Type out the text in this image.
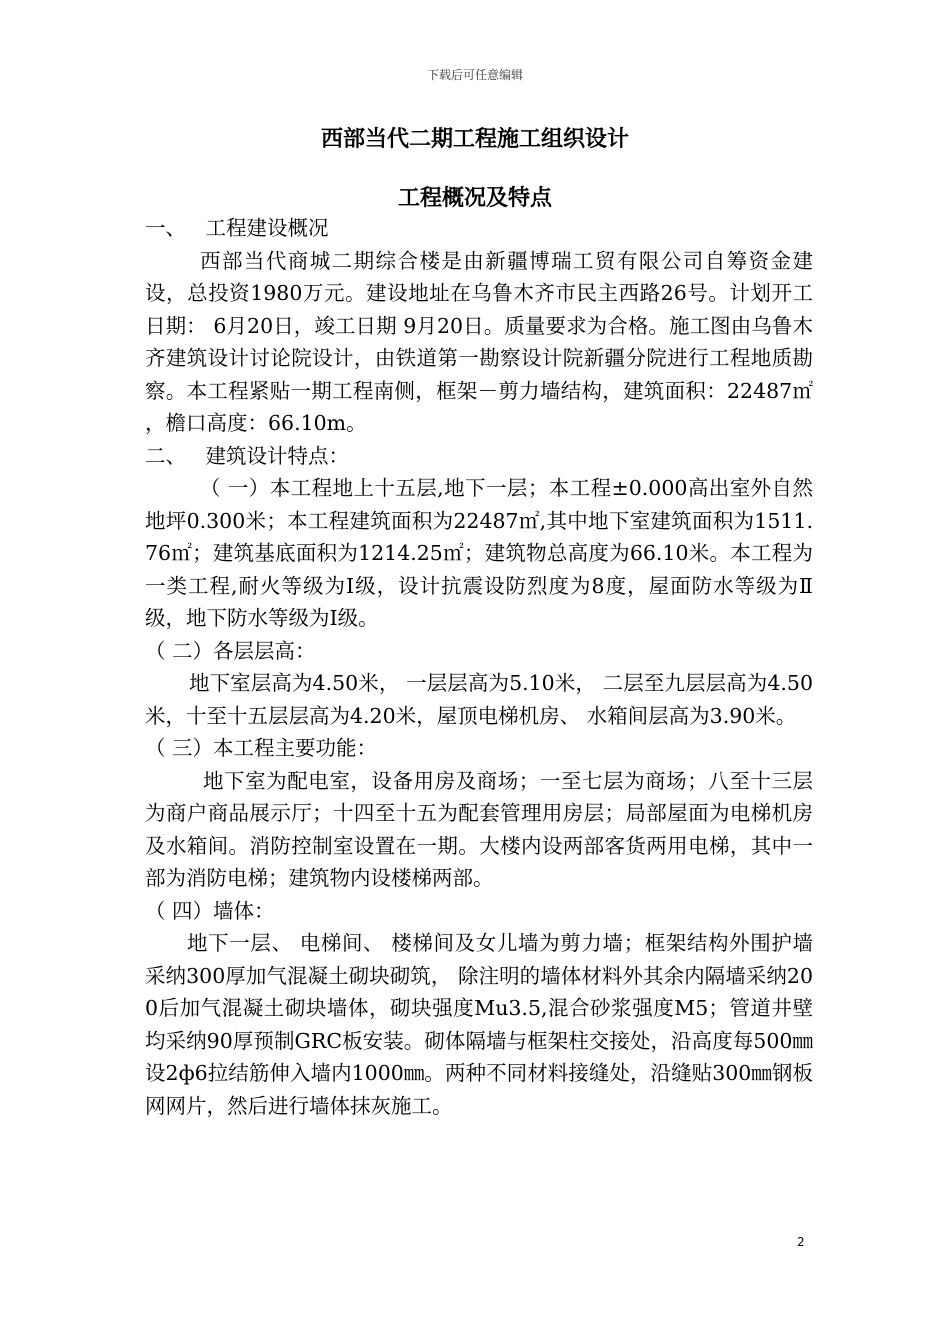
下载后可任意编辑
西部当代二期工程施工组织设计
工程概况及特点

一、   工程建设概况

西部当代商城二期综合楼是由新疆博瑞工贸有限公司自筹资金建设，总投资1980万元。建设地址在乌鲁木齐市民主西路26号。计划开工日期： 6月20日，竣工日期 9月20日。质量要求为合格。施工图由乌鲁木齐建筑设计讨论院设计，由铁道第一勘察设计院新疆分院进行工程地质勘察。本工程紧贴一期工程南侧，框架－剪力墙结构，建筑面积：22487㎡ ，檐口高度：66.10m。

二、   建筑设计特点：

（ 一）本工程地上十五层,地下一层；本工程±0.000高出室外自然地坪0.300米；本工程建筑面积为22487㎡,其中地下室建筑面积为1511.76㎡；建筑基底面积为1214.25㎡；建筑物总高度为66.10米。本工程为一类工程,耐火等级为Ⅰ级，设计抗震设防烈度为8度，屋面防水等级为Ⅱ级，地下防水等级为Ⅰ级。

（ 二）各层层高：

地下室层高为4.50米， 一层层高为5.10米， 二层至九层层高为4.50米，十至十五层层高为4.20米，屋顶电梯机房、 水箱间层高为3.90米。

（ 三）本工程主要功能：

地下室为配电室，设备用房及商场；一至七层为商场；八至十三层为商户商品展示厅；十四至十五为配套管理用房层；局部屋面为电梯机房及水箱间。消防控制室设置在一期。大楼内设两部客货两用电梯，其中一部为消防电梯；建筑物内设楼梯两部。

（ 四）墙体：

地下一层、 电梯间、 楼梯间及女儿墙为剪力墙；框架结构外围护墙采纳300厚加气混凝土砌块砌筑， 除注明的墙体材料外其余内隔墙采纳200后加气混凝土砌块墙体，砌块强度Mu3.5,混合砂浆强度M5；管道井壁均采纳90厚预制GRC板安装。砌体隔墙与框架柱交接处，沿高度每500㎜设2ф6拉结筋伸入墙内1000㎜。两种不同材料接缝处，沿缝贴300㎜钢板网网片，然后进行墙体抹灰施工。

2
